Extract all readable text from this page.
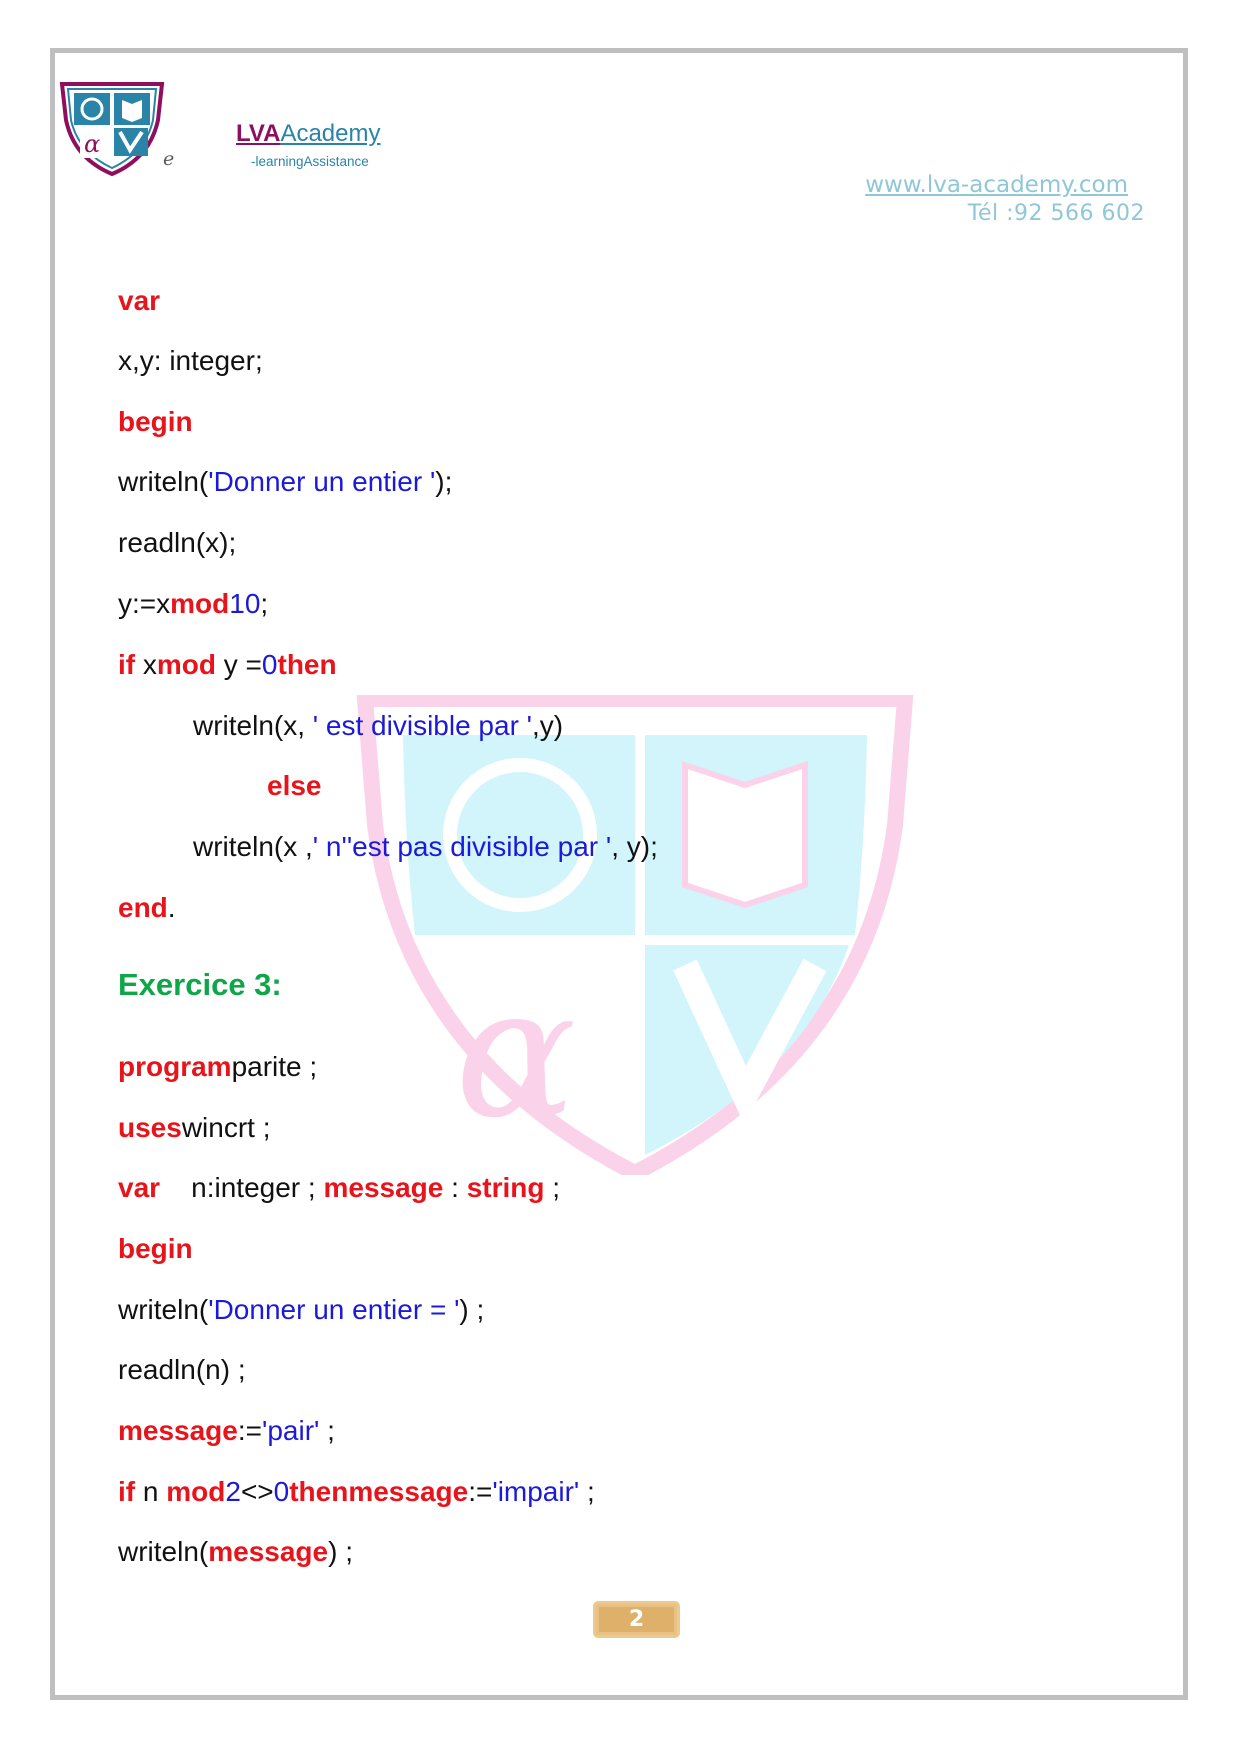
α
e
LVAAcademy
-learningAssistance
www.lva-academy.com
Tél :92 566 602
α
var
x,y: integer;
begin
writeln('Donner un entier ');
readln(x);
y:=xmod10;
if xmod y =0then
writeln(x, ' est divisible par ',y)
else
writeln(x ,' n''est pas divisible par ', y);
end.
Exercice 3:
programparite ;
useswincrt ;
var    n:integer ; message : string ;
begin
writeln('Donner un entier = ') ;
readln(n) ;
message:='pair' ;
if n mod2<>0thenmessage:='impair' ;
writeln(message) ;
2
